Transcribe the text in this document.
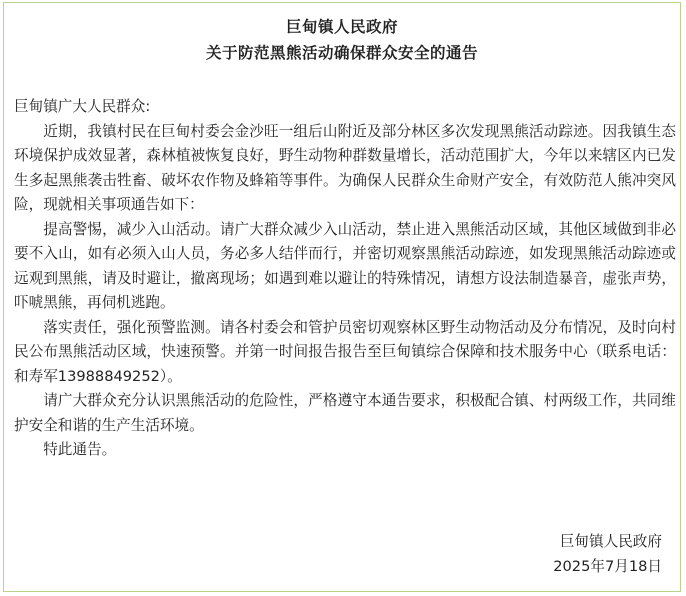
巨甸镇人民政府
关于防范黑熊活动确保群众安全的通告

巨甸镇广大人民群众:

近期，我镇村民在巨甸村委会金沙旺一组后山附近及部分林区多次发现黑熊活动踪迹。因我镇生态环境保护成效显著，森林植被恢复良好，野生动物种群数量增长，活动范围扩大，今年以来辖区内已发生多起黑熊袭击牲畜、破坏农作物及蜂箱等事件。为确保人民群众生命财产安全，有效防范人熊冲突风险，现就相关事项通告如下：

提高警惕，减少入山活动。请广大群众减少入山活动，禁止进入黑熊活动区域，其他区域做到非必要不入山，如有必须入山人员，务必多人结伴而行，并密切观察黑熊活动踪迹，如发现黑熊活动踪迹或远观到黑熊，请及时避让，撤离现场；如遇到难以避让的特殊情况，请想方设法制造暴音，虚张声势，吓唬黑熊，再伺机逃跑。

落实责任，强化预警监测。请各村委会和管护员密切观察林区野生动物活动及分布情况，及时向村民公布黑熊活动区域，快速预警。并第一时间报告报告至巨甸镇综合保障和技术服务中心（联系电话：和寿军13988849252）。

请广大群众充分认识黑熊活动的危险性，严格遵守本通告要求，积极配合镇、村两级工作，共同维护安全和谐的生产生活环境。

特此通告。

巨甸镇人民政府
2025年7月18日
